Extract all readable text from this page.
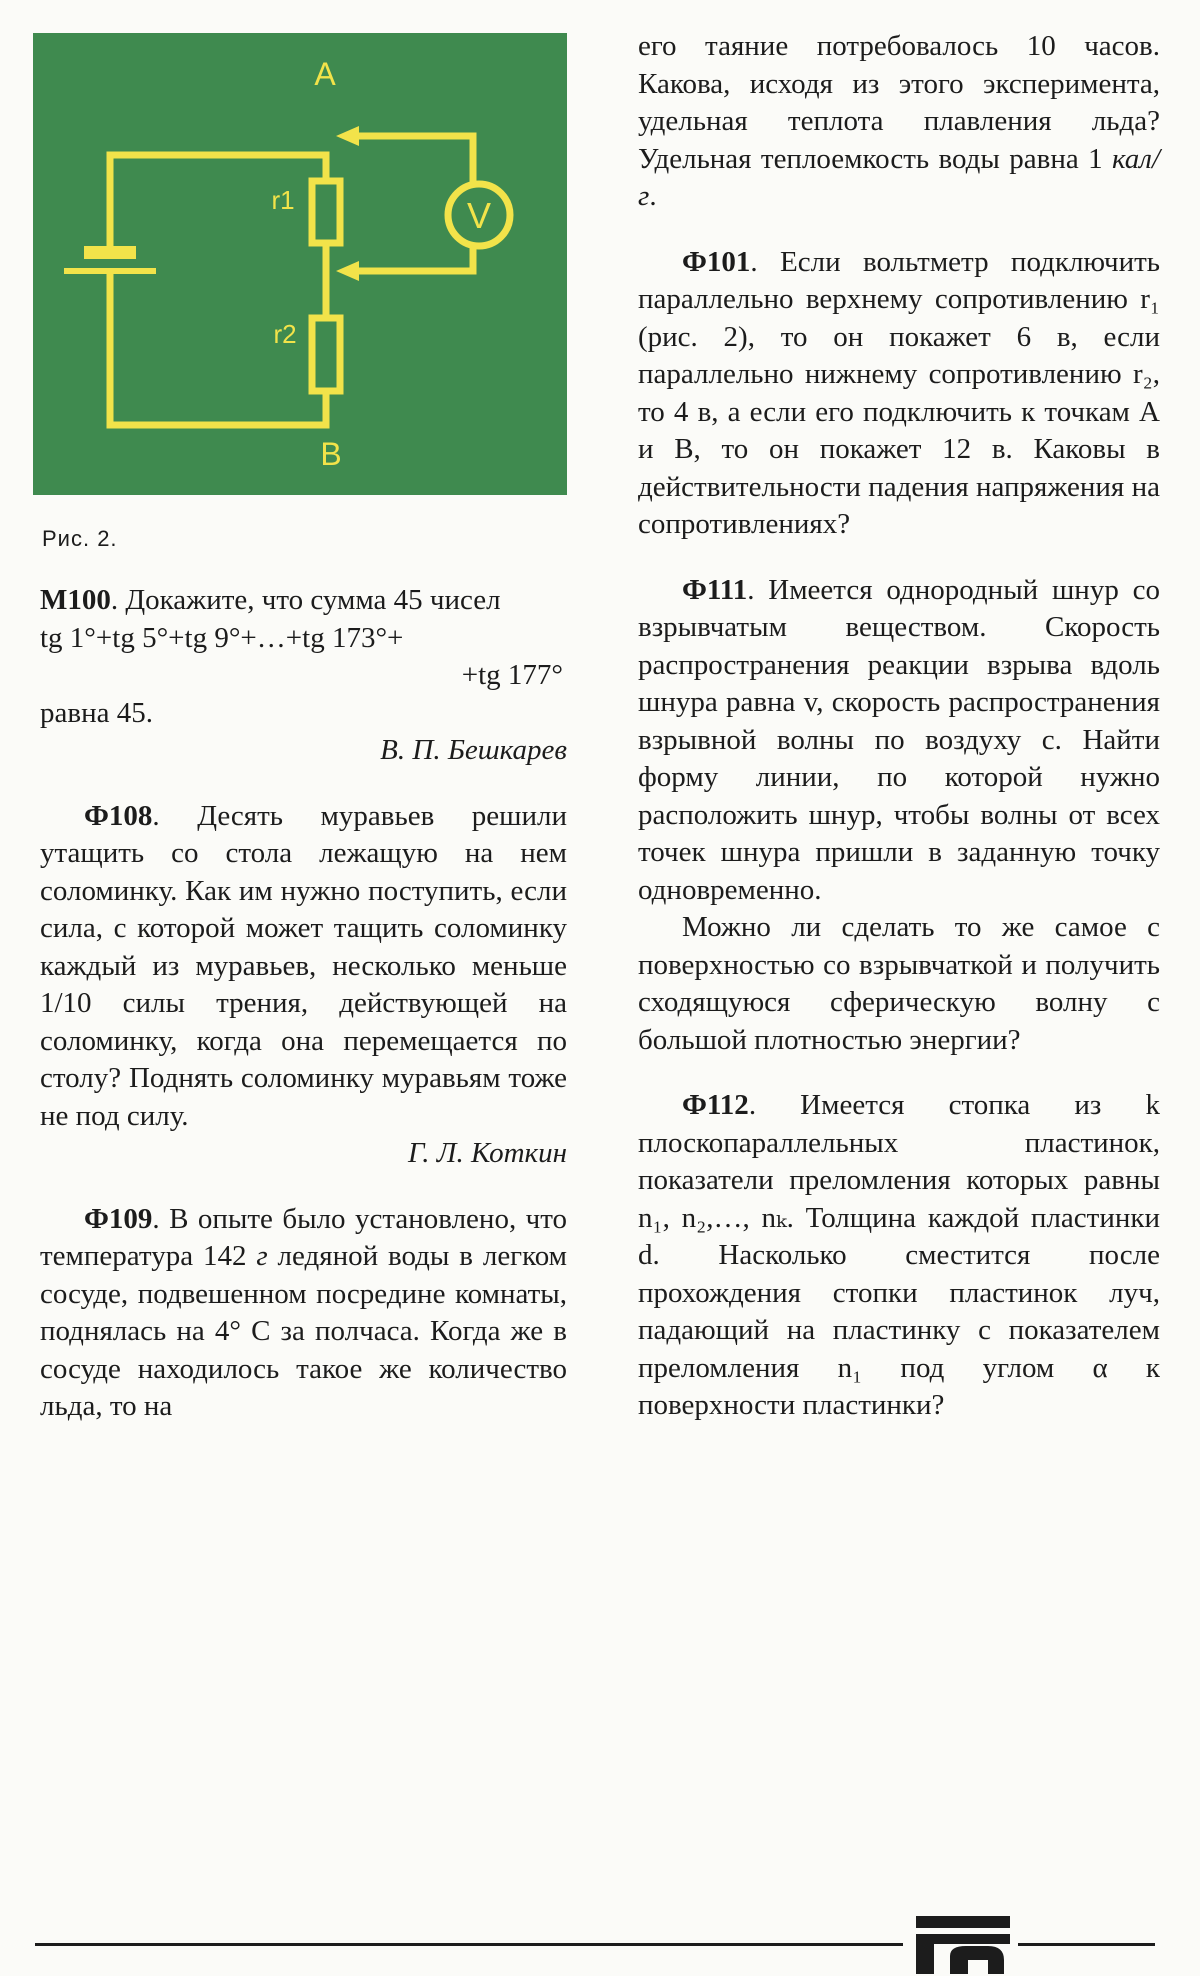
V
A
B
r1
r2
Рис. 2.

М100. Докажите, что сумма 45 чисел

tg 1°+tg 5°+tg 9°+…+tg 173°+

+tg 177°

равна 45.

В. П. Бешкарев

Ф108. Десять муравьев решили утащить со стола лежащую на нем соломинку. Как им нужно поступить, если сила, с которой может тащить соломинку каждый из муравьев, несколько меньше 1/10 силы трения, действующей на соломинку, когда она перемещается по столу? Поднять соломинку муравьям тоже не под силу.

Г. Л. Коткин

Ф109. В опыте было установлено, что температура 142 г ледяной воды в легком сосуде, подвешенном посредине комнаты, поднялась на 4° С за полчаса. Когда же в сосуде находилось такое же количество льда, то на

его таяние потребовалось 10 часов. Какова, исходя из этого эксперимента, удельная теплота плавления льда? Удельная теплоемкость воды равна 1 кал/г.

Ф101. Если вольтметр подключить параллельно верхнему сопротивлению r₁ (рис. 2), то он покажет 6 в, если параллельно нижнему сопротивлению r₂, то 4 в, а если его подключить к точкам A и B, то он покажет 12 в. Каковы в действительности падения напряжения на сопротивлениях?

Ф111. Имеется однородный шнур со взрывчатым веществом. Скорость распространения реакции взрыва вдоль шнура равна v, скорость распространения взрывной волны по воздуху c. Найти форму линии, по которой нужно расположить шнур, чтобы волны от всех точек шнура пришли в заданную точку одновременно.

Можно ли сделать то же самое с поверхностью со взрывчаткой и получить сходящуюся сферическую волну с большой плотностью энергии?

Ф112. Имеется стопка из k плоскопараллельных пластинок, показатели преломления которых равны n₁, n₂,…, nₖ. Толщина каждой пластинки d. Насколько сместится после прохождения стопки пластинок луч, падающий на пластинку с показателем преломления n₁ под углом α к поверхности пластинки?
